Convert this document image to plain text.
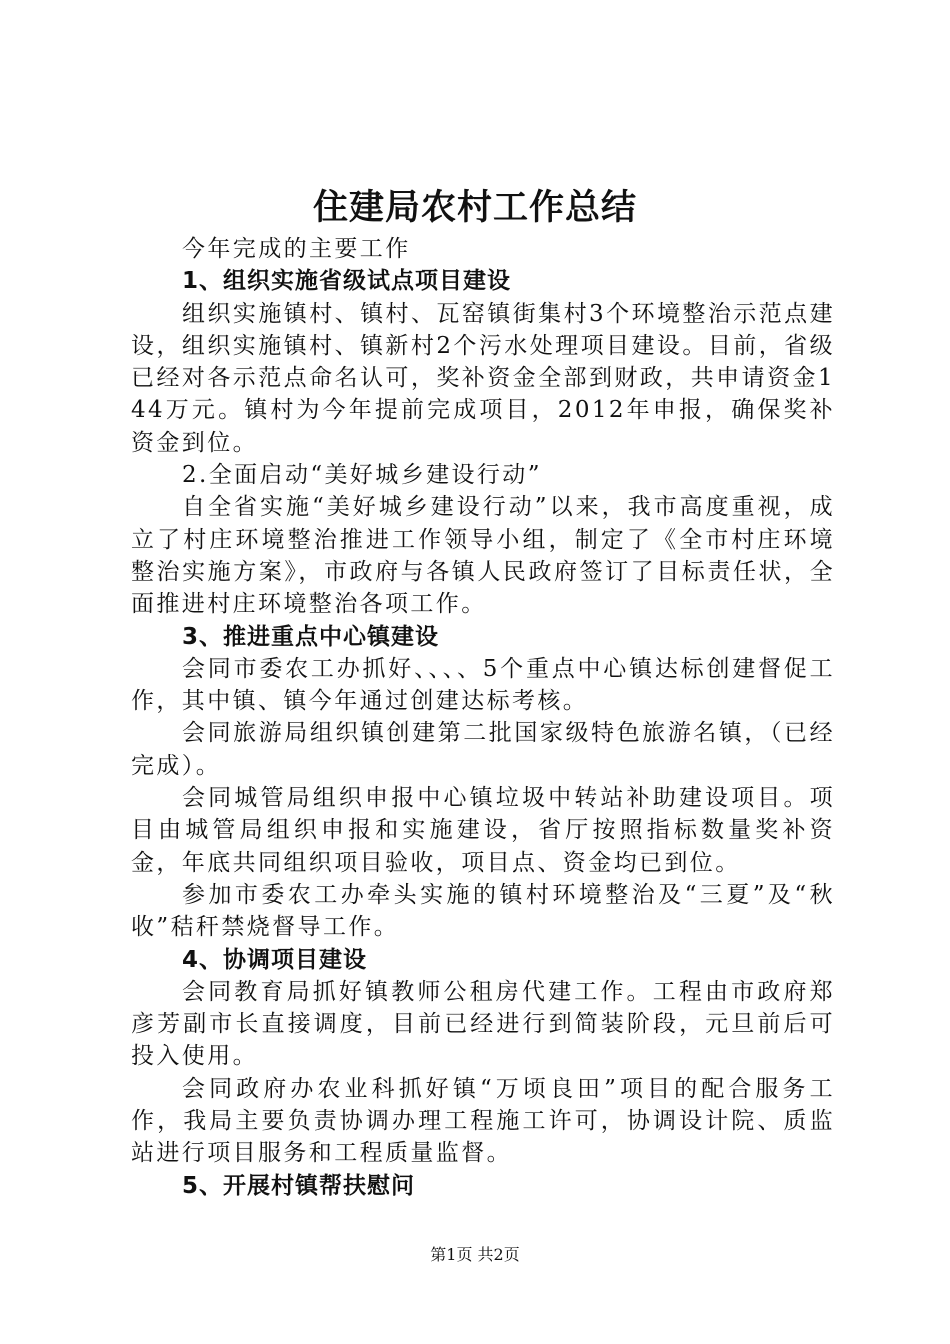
住建局农村工作总结

今年完成的主要工作

1、组织实施省级试点项目建设

组织实施镇村、镇村、瓦窑镇街集村3个环境整治示范点建设，组织实施镇村、镇新村2个污水处理项目建设。目前，省级已经对各示范点命名认可，奖补资金全部到财政，共申请资金144万元。镇村为今年提前完成项目，2012年申报，确保奖补资金到位。

2.全面启动“美好城乡建设行动”

自全省实施“美好城乡建设行动”以来，我市高度重视，成立了村庄环境整治推进工作领导小组，制定了《全市村庄环境整治实施方案》，市政府与各镇人民政府签订了目标责任状，全面推进村庄环境整治各项工作。

3、推进重点中心镇建设

会同市委农工办抓好、、、、5个重点中心镇达标创建督促工作，其中镇、镇今年通过创建达标考核。

会同旅游局组织镇创建第二批国家级特色旅游名镇，（已经完成）。

会同城管局组织申报中心镇垃圾中转站补助建设项目。项目由城管局组织申报和实施建设，省厅按照指标数量奖补资金，年底共同组织项目验收，项目点、资金均已到位。

参加市委农工办牵头实施的镇村环境整治及“三夏”及“秋收”秸秆禁烧督导工作。

4、协调项目建设

会同教育局抓好镇教师公租房代建工作。工程由市政府郑彦芳副市长直接调度，目前已经进行到简装阶段，元旦前后可投入使用。

会同政府办农业科抓好镇“万顷良田”项目的配合服务工作，我局主要负责协调办理工程施工许可，协调设计院、质监站进行项目服务和工程质量监督。

5、开展村镇帮扶慰问

第1页 共2页
